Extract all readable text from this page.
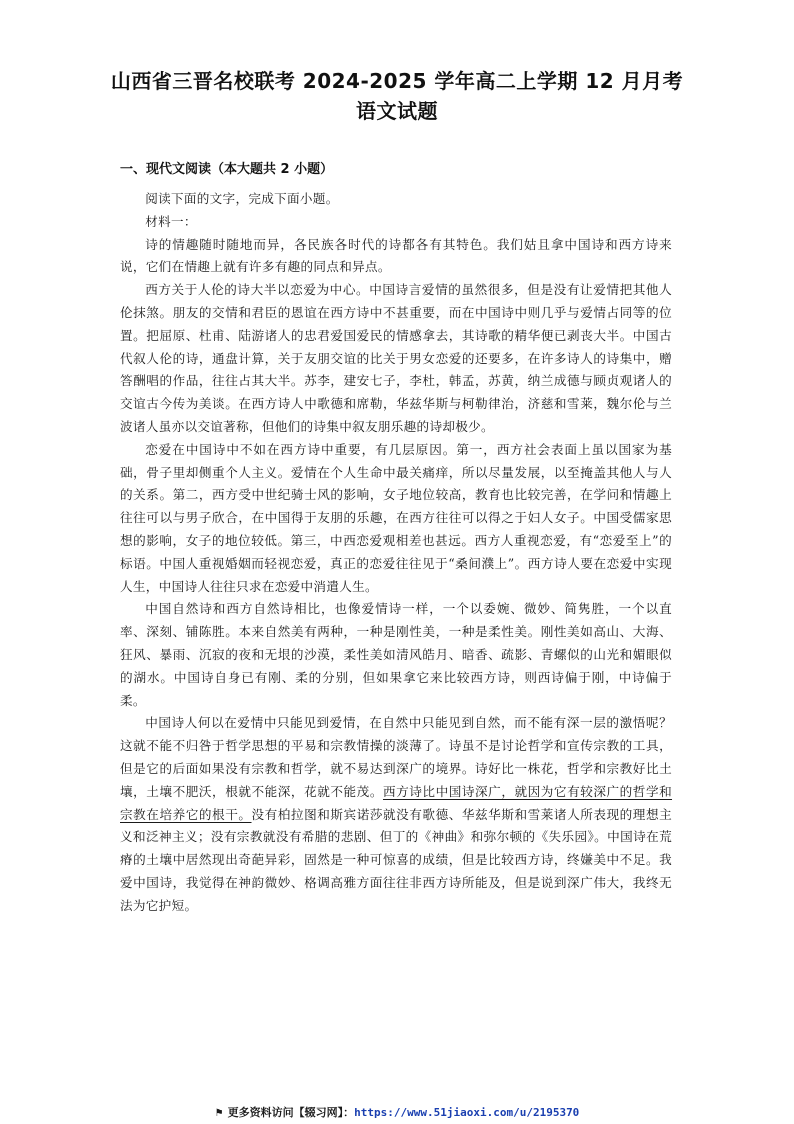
山西省三晋名校联考 2024-2025 学年高二上学期 12 月月考
语文试题
一、现代文阅读（本大题共 2 小题）

阅读下面的文字，完成下面小题。

材料一：

诗的情趣随时随地而异，各民族各时代的诗都各有其特色。我们姑且拿中国诗和西方诗来说，它们在情趣上就有许多有趣的同点和异点。

西方关于人伦的诗大半以恋爱为中心。中国诗言爱情的虽然很多，但是没有让爱情把其他人伦抹煞。朋友的交情和君臣的恩谊在西方诗中不甚重要，而在中国诗中则几乎与爱情占同等的位置。把屈原、杜甫、陆游诸人的忠君爱国爱民的情感拿去，其诗歌的精华便已剥丧大半。中国古代叙人伦的诗，通盘计算，关于友朋交谊的比关于男女恋爱的还要多，在许多诗人的诗集中，赠答酬唱的作品，往往占其大半。苏李，建安七子，李杜，韩孟，苏黄，纳兰成德与顾贞观诸人的交谊古今传为美谈。在西方诗人中歌德和席勒，华兹华斯与柯勒律治，济慈和雪莱，魏尔伦与兰波诸人虽亦以交谊著称，但他们的诗集中叙友朋乐趣的诗却极少。

恋爱在中国诗中不如在西方诗中重要，有几层原因。第一，西方社会表面上虽以国家为基础，骨子里却侧重个人主义。爱情在个人生命中最关痛痒，所以尽量发展，以至掩盖其他人与人的关系。第二，西方受中世纪骑士风的影响，女子地位较高，教育也比较完善，在学问和情趣上往往可以与男子欣合，在中国得于友朋的乐趣，在西方往往可以得之于妇人女子。中国受儒家思想的影响，女子的地位较低。第三，中西恋爱观相差也甚远。西方人重视恋爱，有“恋爱至上”的标语。中国人重视婚姻而轻视恋爱，真正的恋爱往往见于“桑间濮上”。西方诗人要在恋爱中实现人生，中国诗人往往只求在恋爱中消遣人生。

中国自然诗和西方自然诗相比，也像爱情诗一样，一个以委婉、微妙、简隽胜，一个以直率、深刻、铺陈胜。本来自然美有两种，一种是刚性美，一种是柔性美。刚性美如高山、大海、狂风、暴雨、沉寂的夜和无垠的沙漠，柔性美如清风皓月、暗香、疏影、青螺似的山光和媚眼似的湖水。中国诗自身已有刚、柔的分别，但如果拿它来比较西方诗，则西诗偏于刚，中诗偏于柔。

中国诗人何以在爱情中只能见到爱情，在自然中只能见到自然，而不能有深一层的激悟呢？这就不能不归咎于哲学思想的平易和宗教情操的淡薄了。诗虽不是讨论哲学和宣传宗教的工具，但是它的后面如果没有宗教和哲学，就不易达到深广的境界。诗好比一株花，哲学和宗教好比土壤，土壤不肥沃，根就不能深，花就不能茂。西方诗比中国诗深广，就因为它有较深广的哲学和宗教在培养它的根干。没有柏拉图和斯宾诺莎就没有歌德、华兹华斯和雪莱诸人所表现的理想主义和泛神主义；没有宗教就没有希腊的悲剧、但丁的《神曲》和弥尔顿的《失乐园》。中国诗在荒瘠的土壤中居然现出奇葩异彩，固然是一种可惊喜的成绩，但是比较西方诗，终嫌美中不足。我爱中国诗，我觉得在神韵微妙、格调高雅方面往往非西方诗所能及，但是说到深广伟大，我终无法为它护短。

⚑ 更多资料访问【辍习网】：https://www.51jiaoxi.com/u/2195370
